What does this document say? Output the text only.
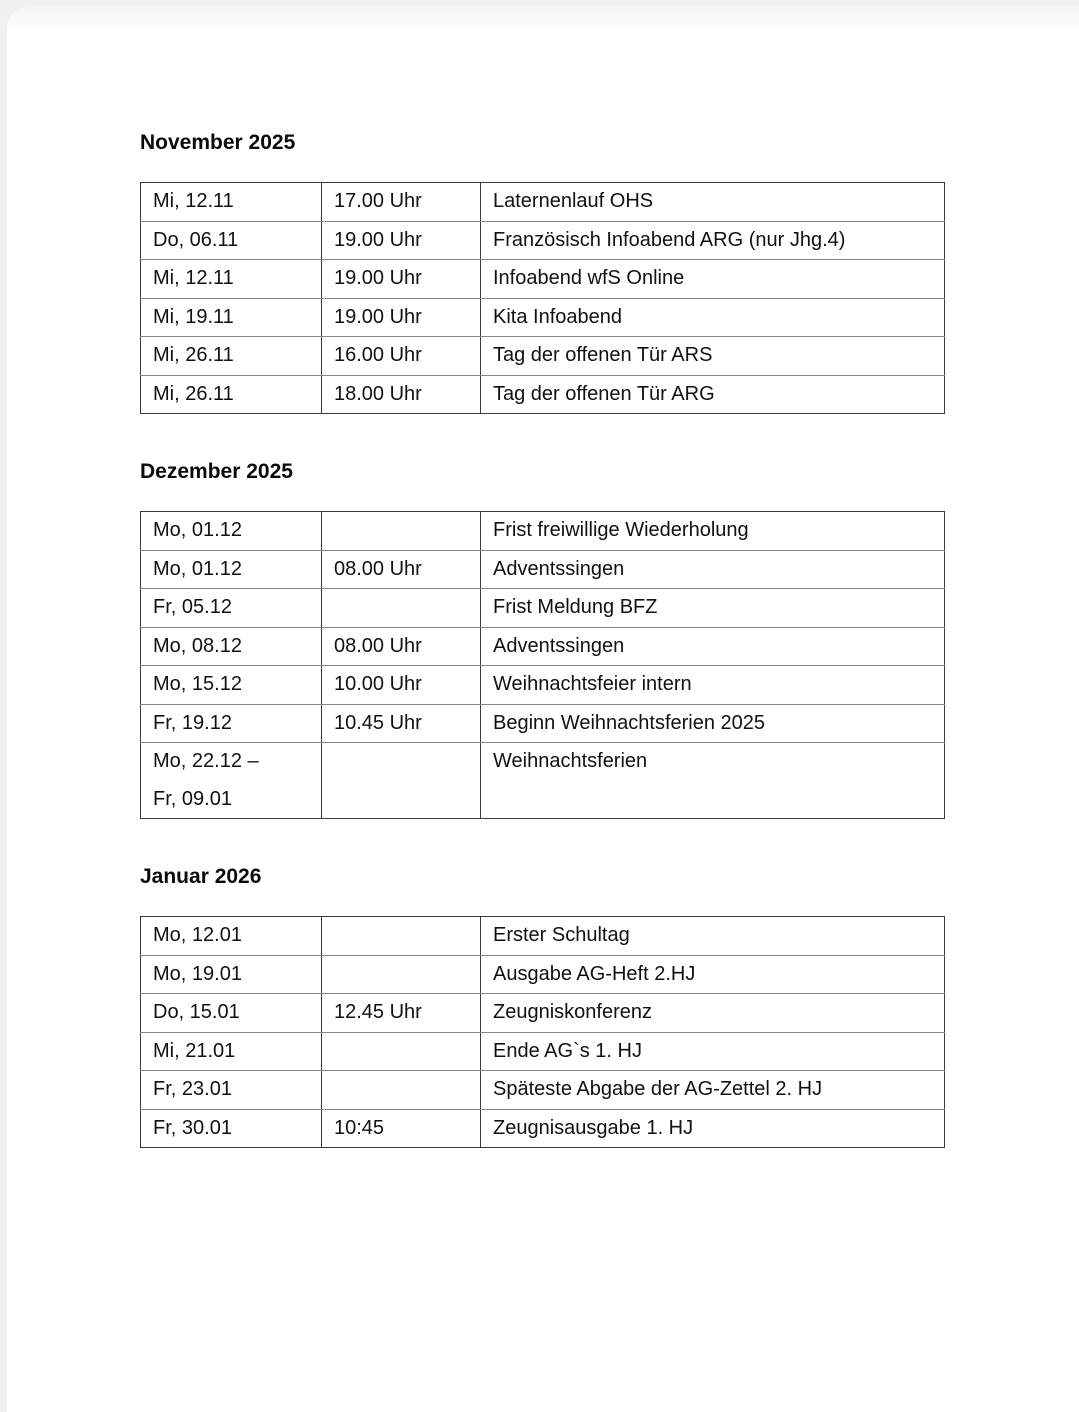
November 2025
Mi, 12.11	17.00 Uhr	Laternenlauf OHS
Do, 06.11	19.00 Uhr	Französisch Infoabend ARG (nur Jhg.4)
Mi, 12.11	19.00 Uhr	Infoabend wfS Online
Mi, 19.11	19.00 Uhr	Kita Infoabend
Mi, 26.11	16.00 Uhr	Tag der offenen Tür ARS
Mi, 26.11	18.00 Uhr	Tag der offenen Tür ARG
Dezember 2025
Mo, 01.12		Frist freiwillige Wiederholung
Mo, 01.12	08.00 Uhr	Adventssingen
Fr, 05.12		Frist Meldung BFZ
Mo, 08.12	08.00 Uhr	Adventssingen
Mo, 15.12	10.00 Uhr	Weihnachtsfeier intern
Fr, 19.12	10.45 Uhr	Beginn Weihnachtsferien 2025

Mo, 22.12 –
Fr, 09.01		Weihnachtsferien
Januar 2026
Mo, 12.01		Erster Schultag
Mo, 19.01		Ausgabe AG-Heft 2.HJ
Do, 15.01	12.45 Uhr	Zeugniskonferenz
Mi, 21.01		Ende AG`s 1. HJ
Fr, 23.01		Späteste Abgabe der AG-Zettel 2. HJ
Fr, 30.01	10:45	Zeugnisausgabe 1. HJ
